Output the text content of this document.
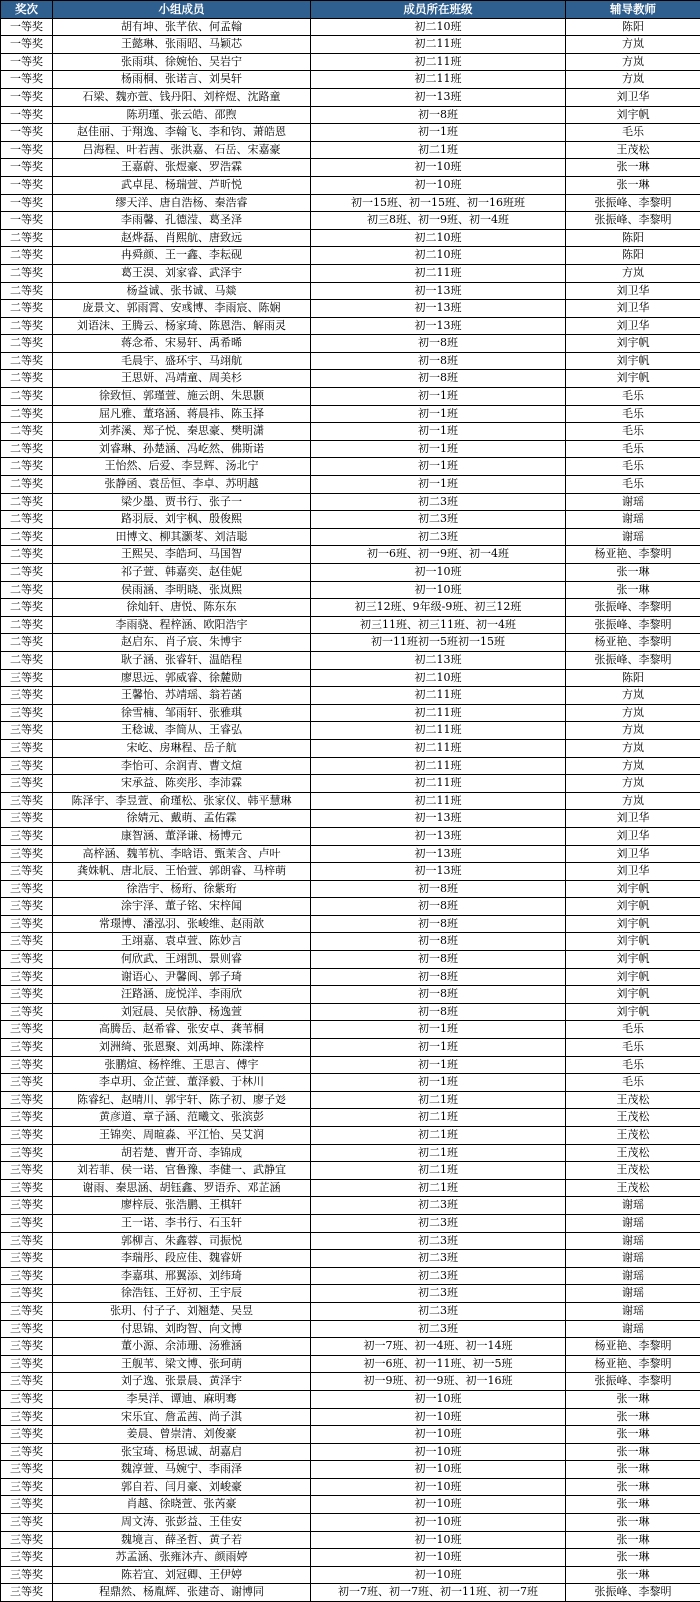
奖次	小组成员	成员所在班级	辅导教师
一等奖	胡有坤、张芊依、何孟翰	初二10班	陈阳
一等奖	王懿琳、张雨昭、马颖芯	初二11班	方岚
一等奖	张雨琪、徐婉怡、吴岩宁	初二11班	方岚
一等奖	杨雨桐、张诺言、刘昊轩	初二11班	方岚
一等奖	石梁、魏亦萱、钱丹阳、刘梓煜、沈路童	初一13班	刘卫华
一等奖	陈玥瑾、张云皓、邵煦	初一8班	刘宇帆
一等奖	赵佳丽、于翔逸、李翰飞、李和钧、萧皓恩	初一1班	毛乐
一等奖	吕海程、叶若茜、张洪嘉、石岳、宋嘉豪	初二1班	王茂松
一等奖	王嘉蔚、张煜豪、罗浩霖	初一10班	张一琳
一等奖	武卓昆、杨瑞萱、芦昕悦	初一10班	张一琳
一等奖	缪天洋、唐自浩杨、秦浩睿	初一15班、初一15班、初一16班班	张振峰、李黎明
一等奖	李雨馨、孔德滢、葛圣泽	初三8班、初一9班、初一4班	张振峰、李黎明
二等奖	赵烨磊、肖熙航、唐致远	初二10班	陈阳
二等奖	冉舜颜、王一鑫、李耘砚	初二10班	陈阳
二等奖	葛王淏、刘家睿、武泽宇	初二11班	方岚
二等奖	杨益诚、张书诚、马燚	初一13班	刘卫华
二等奖	庞景文、郭雨霄、安彧博、李雨宸、陈娴	初一13班	刘卫华
二等奖	刘语沫、王腾云、杨家琦、陈恩浩、解雨灵	初一13班	刘卫华
二等奖	蒋念希、宋易轩、禹希晞	初一8班	刘宇帆
二等奖	毛晨宇、盛环宇、马翊航	初一8班	刘宇帆
二等奖	王思妍、冯靖童、周美杉	初一8班	刘宇帆
二等奖	徐致恒、郭瑾萱、施云朗、朱思颢	初一1班	毛乐
二等奖	屈凡雅、董珞涵、蒋晨祎、陈玉择	初一1班	毛乐
二等奖	刘荞溪、郑子悦、秦思豪、樊明潇	初一1班	毛乐
二等奖	刘睿琳、孙楚涵、冯屹然、佛斯诺	初一1班	毛乐
二等奖	王怡然、后爱、李昱辉、汤北宁	初一1班	毛乐
二等奖	张静函、袁岳恒、李卓、苏明越	初一1班	毛乐
二等奖	梁少墨、贾书行、张子一	初二3班	谢瑶
二等奖	路羽辰、刘宇枫、殷俊熙	初二3班	谢瑶
二等奖	田博文、柳其灏苳、刘洁聪	初二3班	谢瑶
二等奖	王熙吴、李皓珂、马国智	初一6班、初一9班、初一4班	杨亚艳、李黎明
二等奖	祁子萱、韩嘉奕、赵佳妮	初一10班	张一琳
二等奖	侯雨涵、李明晓、张岚熙	初一10班	张一琳
二等奖	徐灿轩、唐悦、陈东东	初三12班、9年级-9班、初三12班	张振峰、李黎明
二等奖	李雨骁、程梓涵、欧阳浩宇	初三11班、初三11班、初一4班	张振峰、李黎明
二等奖	赵启东、肖子宸、朱博宇	初一11班初一5班初一15班	杨亚艳、李黎明
二等奖	耿子涵、张睿轩、温皓程	初二13班	张振峰、李黎明
三等奖	廖思远、郭威睿、徐麓勋	初二10班	陈阳
三等奖	王馨怡、苏靖瑶、翁若菡	初二11班	方岚
三等奖	徐雪楠、邹雨轩、张雅琪	初二11班	方岚
三等奖	王稔诚、李简从、王睿弘	初二11班	方岚
三等奖	宋屹、房琳程、岳子航	初二11班	方岚
三等奖	李怡可、余润青、曹文煊	初二11班	方岚
三等奖	宋承益、陈奕彤、李沛霖	初二11班	方岚
三等奖	陈泽宇、李昱萱、俞瑾松、张家仪、韩平慧琳	初二11班	方岚
三等奖	徐婧元、戴萌、孟佑霖	初一13班	刘卫华
三等奖	康智涵、董泽谦、杨博元	初一13班	刘卫华
三等奖	高梓涵、魏苇杭、李晗语、甄茉含、卢叶	初一13班	刘卫华
三等奖	龚姝帆、唐北辰、王怡萱、郭朗睿、马梓萌	初一13班	刘卫华
三等奖	徐浩宇、杨珩、徐紫珩	初一8班	刘宇帆
三等奖	涂宇泽、董子铭、宋梓闻	初一8班	刘宇帆
三等奖	常璟博、潘泓羽、张峻维、赵雨歆	初一8班	刘宇帆
三等奖	王翊嘉、袁卓萱、陈妙言	初一8班	刘宇帆
三等奖	何欣武、王翊凯、景则睿	初一8班	刘宇帆
三等奖	谢语心、尹馨阆、郭子琦	初一8班	刘宇帆
三等奖	汪路涵、庞悦洋、李雨欣	初一8班	刘宇帆
三等奖	刘冠晨、吴依静、杨逸萱	初一8班	刘宇帆
三等奖	高腾岳、赵希睿、张安卓、龚苇桐	初一1班	毛乐
三等奖	刘洲绮、张恩聚、刘禹坤、陈漾梓	初一1班	毛乐
三等奖	张鹏煊、杨梓维、王思言、傅宇	初一1班	毛乐
三等奖	李卓玥、金芷萱、董泽毅、于林川	初一1班	毛乐
三等奖	陈睿纪、赵晴川、郭宇轩、陈子初、廖子彣	初二1班	王茂松
三等奖	黄彦道、章子涵、范曦文、张滨彭	初二1班	王茂松
三等奖	王锦奕、周暄淼、平江怡、吴艾润	初二1班	王茂松
三等奖	胡若楚、曹开奇、李锦成	初二1班	王茂松
三等奖	刘若菲、侯一诺、官鲁豫、李健一、武静宜	初二1班	王茂松
三等奖	谢雨、秦思涵、胡钰鑫、罗语乔、邓芷涵	初二1班	王茂松
三等奖	廖梓辰、张浩鹏、王棋轩	初二3班	谢瑶
三等奖	王一诺、李书行、石玉轩	初二3班	谢瑶
三等奖	郭柳言、朱鑫蓉、司振悦	初二3班	谢瑶
三等奖	李瑞彤、段应佳、魏睿妍	初二3班	谢瑶
三等奖	李嘉琪、邢翼添、刘纬琦	初二3班	谢瑶
三等奖	徐浩钰、王妤初、王宇辰	初二3班	谢瑶
三等奖	张玥、付子子、刘翘楚、吴昱	初二3班	谢瑶
三等奖	付思锦、刘昀智、向文博	初二3班	谢瑶
三等奖	董小源、余沛珊、汤雅涵	初一7班、初一4班、初一14班	杨亚艳、李黎明
三等奖	王舰苇、梁文博、张珂萌	初一6班、初一11班、初一5班	杨亚艳、李黎明
三等奖	刘子逸、张景晨、黄泽宇	初一9班、初一9班、初一16班	张振峰、李黎明
三等奖	李昊洋、谭迪、麻明骞	初一10班	张一琳
三等奖	宋乐宜、詹孟茜、尚子淇	初一10班	张一琳
三等奖	姜晨、曾崇清、刘俊豪	初一10班	张一琳
三等奖	张宝琦、杨思诚、胡嘉启	初一10班	张一琳
三等奖	魏淳萱、马婉宁、李雨泽	初一10班	张一琳
三等奖	郭自若、闫月豪、刘峻豪	初一10班	张一琳
三等奖	肖越、徐晓萱、张芮豪	初一10班	张一琳
三等奖	周文涛、张彭益、王佳安	初一10班	张一琳
三等奖	魏境言、薛圣哲、黄子若	初一10班	张一琳
三等奖	苏孟涵、张雍沐卉、颜雨婷	初一10班	张一琳
三等奖	陈若宜、刘冠卿、王伊婷	初一10班	张一琳
三等奖	程鼎然、杨胤辉、张建奇、谢博同	初一7班、初一7班、初一11班、初一7班	张振峰、李黎明
